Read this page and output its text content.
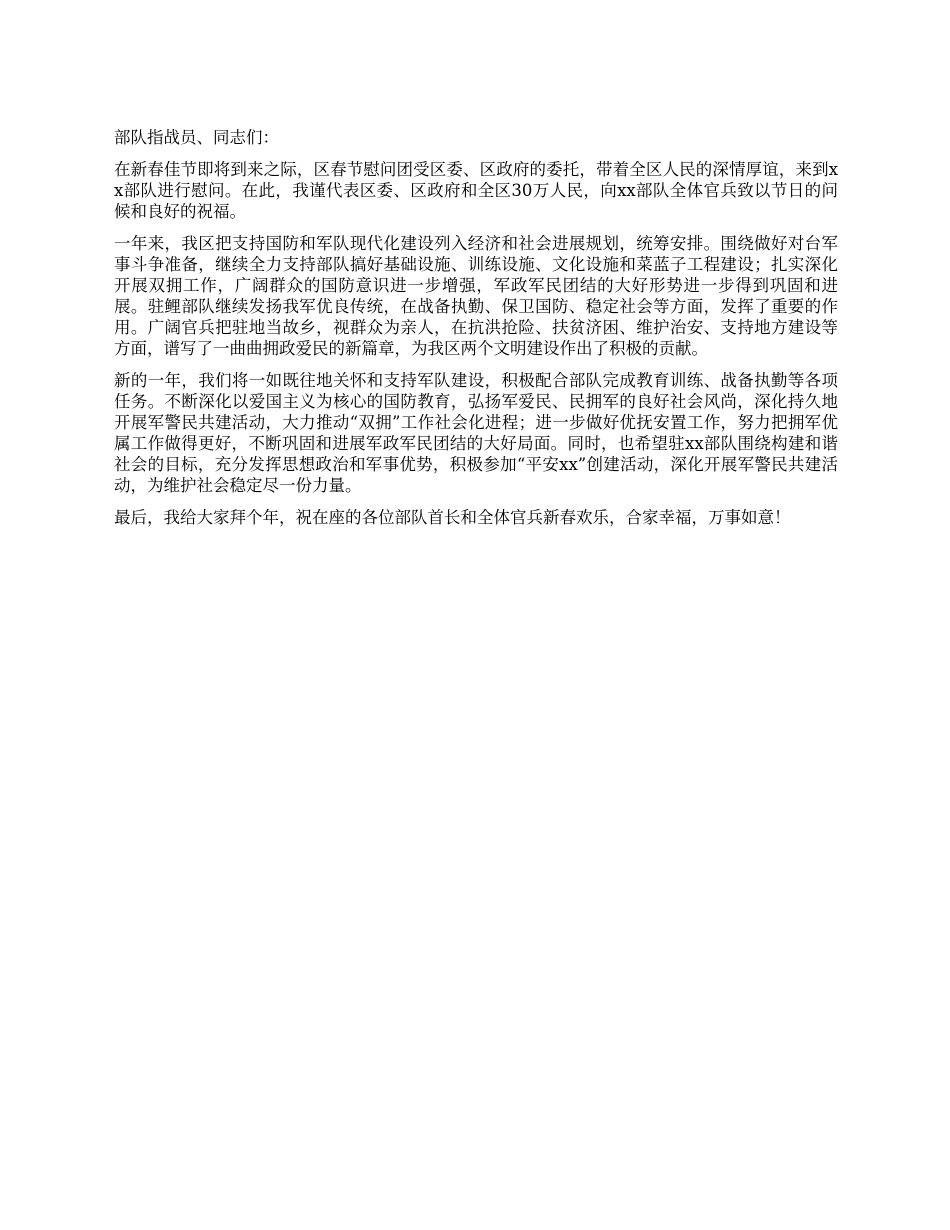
部队指战员、同志们：

在新春佳节即将到来之际，区春节慰问团受区委、区政府的委托，带着全区人民的深情厚谊，来到xx部队进行慰问。在此，我谨代表区委、区政府和全区30万人民，向xx部队全体官兵致以节日的问候和良好的祝福。

一年来，我区把支持国防和军队现代化建设列入经济和社会进展规划，统筹安排。围绕做好对台军事斗争准备，继续全力支持部队搞好基础设施、训练设施、文化设施和菜蓝子工程建设；扎实深化开展双拥工作，广阔群众的国防意识进一步增强，军政军民团结的大好形势进一步得到巩固和进展。驻鲤部队继续发扬我军优良传统，在战备执勤、保卫国防、稳定社会等方面，发挥了重要的作用。广阔官兵把驻地当故乡，视群众为亲人，在抗洪抢险、扶贫济困、维护治安、支持地方建设等方面，谱写了一曲曲拥政爱民的新篇章，为我区两个文明建设作出了积极的贡献。

新的一年，我们将一如既往地关怀和支持军队建设，积极配合部队完成教育训练、战备执勤等各项任务。不断深化以爱国主义为核心的国防教育，弘扬军爱民、民拥军的良好社会风尚，深化持久地开展军警民共建活动，大力推动“双拥”工作社会化进程；进一步做好优抚安置工作，努力把拥军优属工作做得更好，不断巩固和进展军政军民团结的大好局面。同时，也希望驻xx部队围绕构建和谐社会的目标，充分发挥思想政治和军事优势，积极参加“平安xx”创建活动，深化开展军警民共建活动，为维护社会稳定尽一份力量。

最后，我给大家拜个年，祝在座的各位部队首长和全体官兵新春欢乐，合家幸福，万事如意！
